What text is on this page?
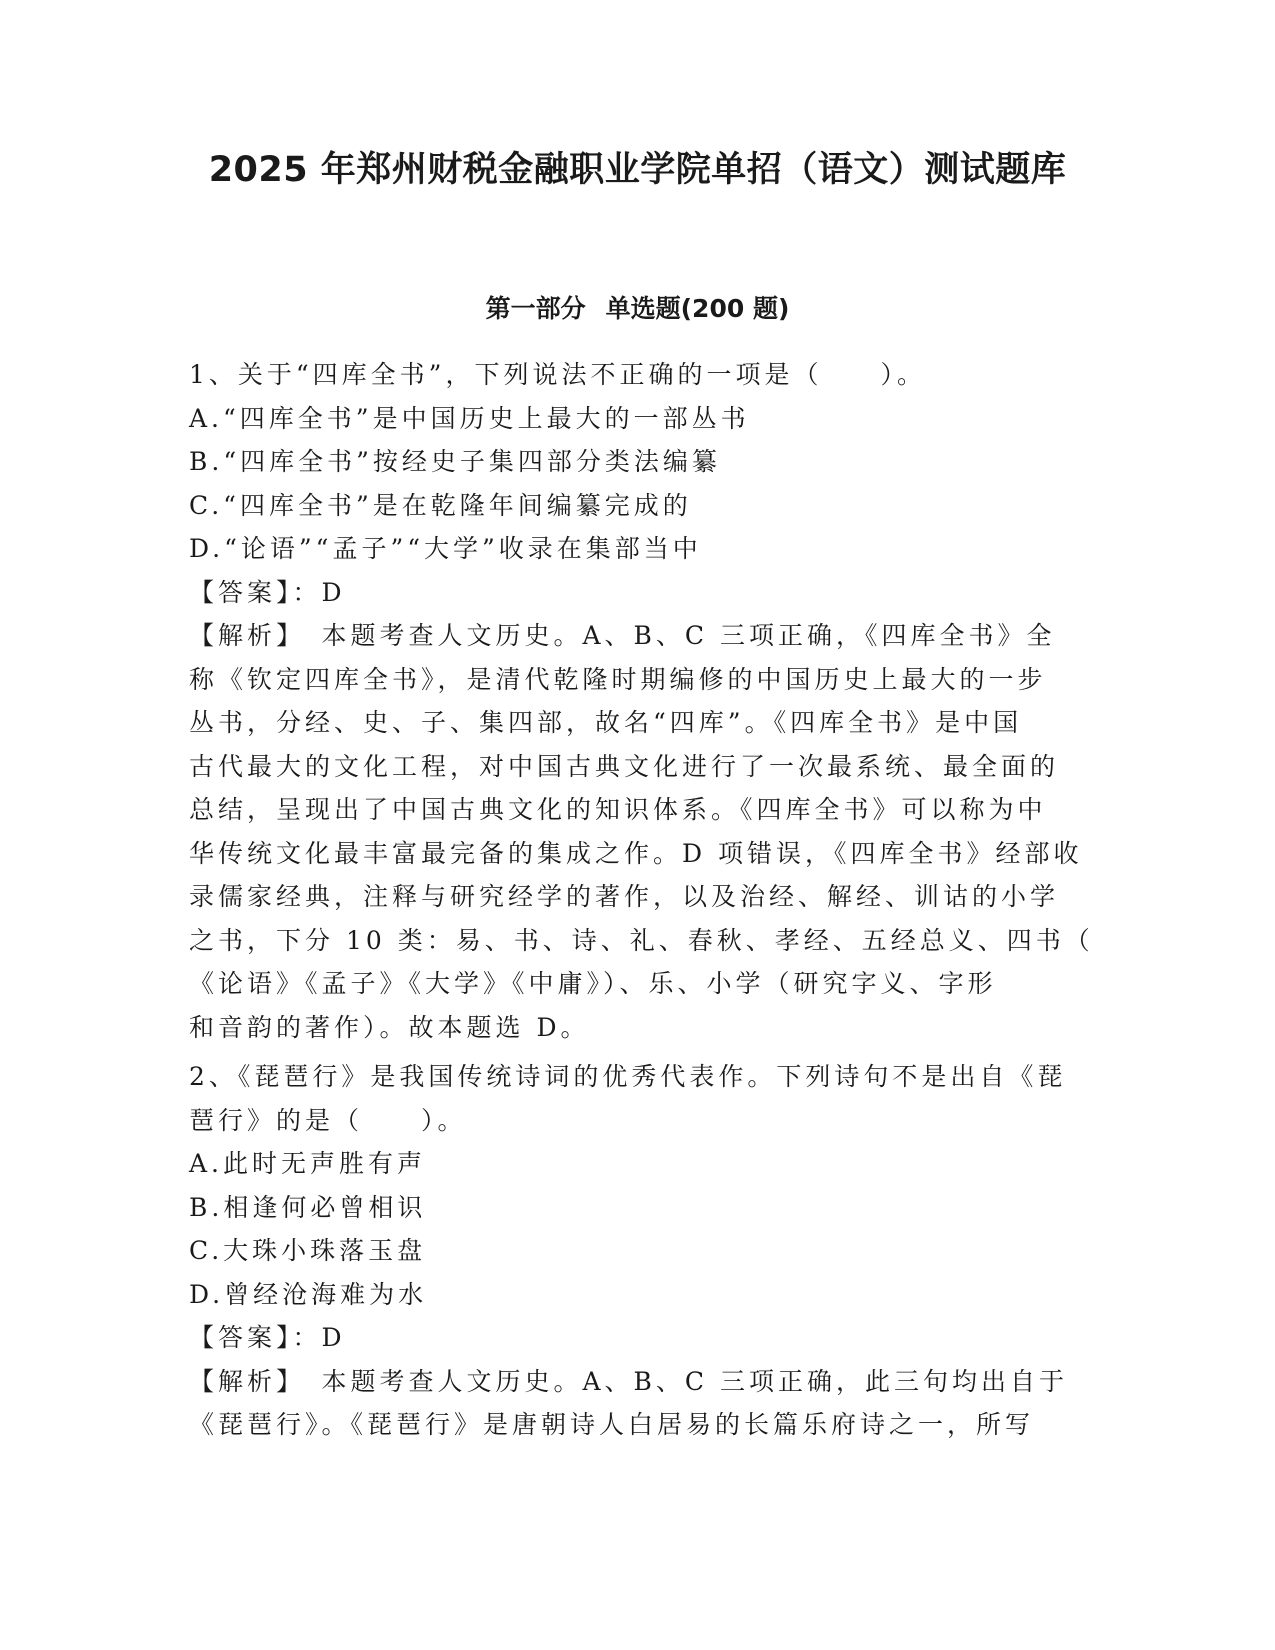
2025 年郑州财税金融职业学院单招（语文）测试题库
第一部分 单选题(200 题)
1、关于“四库全书”，下列说法不正确的一项是（　　）。
A.“四库全书”是中国历史上最大的一部丛书
B.“四库全书”按经史子集四部分类法编纂
C.“四库全书”是在乾隆年间编纂完成的
D.“论语”“孟子”“大学”收录在集部当中
【答案】：D
【解析】　本题考查人文历史。A、B、C 三项正确，《四库全书》全
称《钦定四库全书》，是清代乾隆时期编修的中国历史上最大的一步
丛书，分经、史、子、集四部，故名“四库”。《四库全书》是中国
古代最大的文化工程，对中国古典文化进行了一次最系统、最全面的
总结，呈现出了中国古典文化的知识体系。《四库全书》可以称为中
华传统文化最丰富最完备的集成之作。D 项错误，《四库全书》经部收
录儒家经典，注释与研究经学的著作，以及治经、解经、训诂的小学
之书，下分 10 类：易、书、诗、礼、春秋、孝经、五经总义、四书（
《论语》《孟子》《大学》《中庸》）、乐、小学（研究字义、字形
和音韵的著作）。故本题选 D。
2、《琵琶行》是我国传统诗词的优秀代表作。下列诗句不是出自《琵
琶行》的是（　　）。
A.此时无声胜有声
B.相逢何必曾相识
C.大珠小珠落玉盘
D.曾经沧海难为水
【答案】：D
【解析】　本题考查人文历史。A、B、C 三项正确，此三句均出自于
《琵琶行》。《琵琶行》是唐朝诗人白居易的长篇乐府诗之一，所写
